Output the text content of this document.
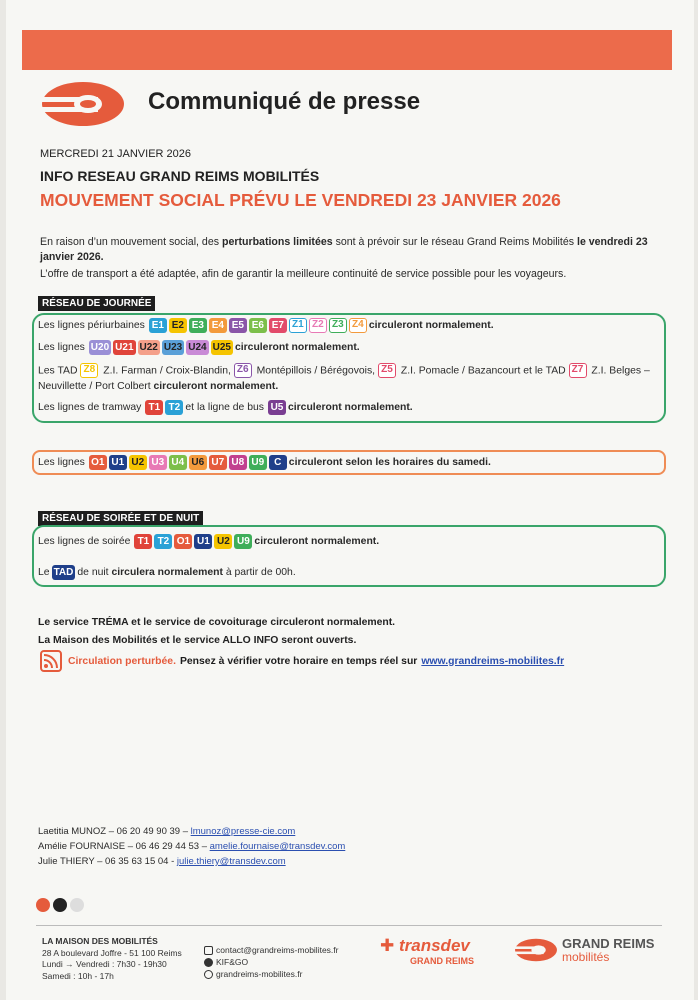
Communiqué de presse
MERCREDI 21 JANVIER 2026
INFO RESEAU GRAND REIMS MOBILITÉS
MOUVEMENT SOCIAL PRÉVU LE VENDREDI 23 JANVIER 2026

En raison d’un mouvement social, des perturbations limitées sont à prévoir sur le réseau Grand Reims Mobilités le vendredi 23 janvier 2026.

L’offre de transport a été adaptée, afin de garantir la meilleure continuité de service possible pour les voyageurs.

RÉSEAU DE JOURNÉE
Les lignes périurbaines E1 E2 E3 E4 E5 E6 E7 Z1 Z2 Z3 Z4 circuleront normalement.
Les lignes U20 U21 U22 U23 U24 U25 circuleront normalement.
Les TAD Z8 Z.I. Farman / Croix-Blandin, Z6 Montépillois / Bérégovois, Z5 Z.I. Pomacle / Bazancourt et le TAD Z7 Z.I. Belges – Neuvillette / Port Colbert circuleront normalement.
Les lignes de tramway T1 T2 et la ligne de bus U5 circuleront normalement.
Les lignes O1 U1 U2 U3 U4 U6 U7 U8 U9 C circuleront selon les horaires du samedi.
RÉSEAU DE SOIRÉE ET DE NUIT
Les lignes de soirée T1 T2 O1 U1 U2 U9 circuleront normalement.
Le TAD de nuit
circulera normalement
à partir de 00h.
Le service TRÉMA et le service de covoiturage circuleront normalement.
La Maison des Mobilités et le service ALLO INFO seront ouverts.
Circulation perturbée. Pensez à vérifier votre horaire en temps réel sur www.grandreims-mobilites.fr
Laetitia MUNOZ – 06 20 49 90 39 – lmunoz@presse-cie.com
Amélie FOURNAISE – 06 46 29 44 53 – amelie.fournaise@transdev.com
Julie THIERY – 06 35 63 15 04 - julie.thiery@transdev.com
LA MAISON DES MOBILITÉS
28 A boulevard Joffre - 51 100 Reims
Lundi → Vendredi : 7h30 - 19h30
Samedi : 10h - 17h
contact@grandreims-mobilites.fr
KIF&GO
grandreims-mobilites.fr
✚ transdev
GRAND REIMS
GRAND REIMS
mobilités
